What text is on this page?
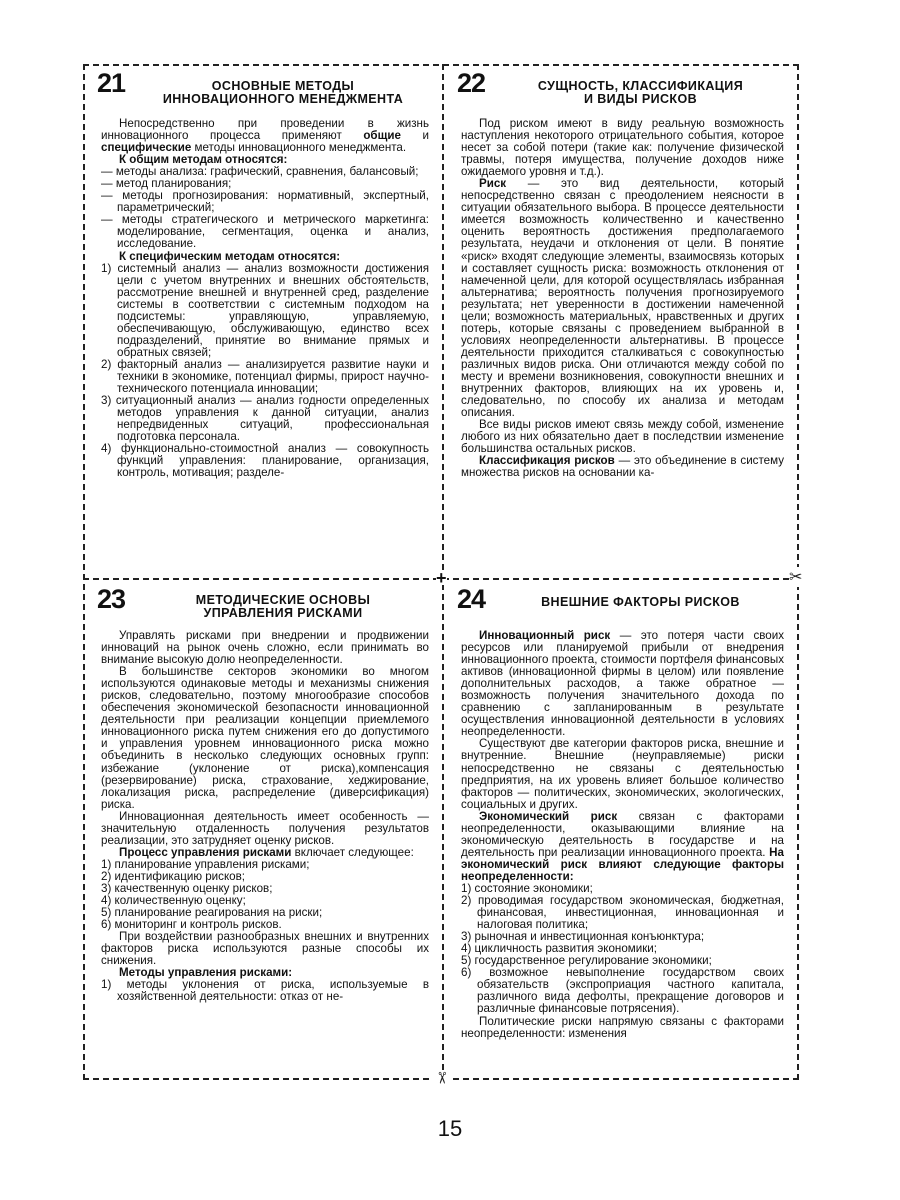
21	ОСНОВНЫЕ МЕТОДЫ
ИННОВАЦИОННОГО МЕНЕДЖМЕНТА

Непосредственно при проведении в жизнь инновационного процесса применяют общие и специфические методы инновационного менеджмента.

К общим методам относятся:

— методы анализа: графический, сравнения, балансовый;
— метод планирования;
— методы прогнозирования: нормативный, экспертный, параметрический;
— методы стратегического и метрического маркетинга: моделирование, сегментация, оценка и анализ, исследование.

К специфическим методам относятся:

1) системный анализ — анализ возможности достижения цели с учетом внутренних и внешних обстоятельств, рассмотрение внешней и внутренней сред, разделение системы в соответствии с системным подходом на подсистемы: управляющую, управляемую, обеспечивающую, обслуживающую, единство всех подразделений, принятие во внимание прямых и обратных связей;
2) факторный анализ — анализируется развитие науки и техники в экономике, потенциал фирмы, прирост научно-технического потенциала инновации;
3) ситуационный анализ — анализ годности определенных методов управления к данной ситуации, анализ непредвиденных ситуаций, профессиональная подготовка персонала.
4) функционально-стоимостной анализ — совокупность функций управления: планирование, организация, контроль, мотивация; разделе-
22	СУЩНОСТЬ, КЛАССИФИКАЦИЯ
И ВИДЫ РИСКОВ

Под риском имеют в виду реальную возможность наступления некоторого отрицательного события, которое несет за собой потери (такие как: получение физической травмы, потеря имущества, получение доходов ниже ожидаемого уровня и т.д.).

Риск — это вид деятельности, который непосредственно связан с преодолением неясности в ситуации обязательного выбора. В процессе деятельности имеется возможность количественно и качественно оценить вероятность достижения предполагаемого результата, неудачи и отклонения от цели. В понятие «риск» входят следующие элементы, взаимосвязь которых и составляет сущность риска: возможность отклонения от намеченной цели, для которой осуществлялась избранная альтернатива; вероятность получения прогнозируемого результата; нет уверенности в достижении намеченной цели; возможность материальных, нравственных и других потерь, которые связаны с проведением выбранной в условиях неопределенности альтернативы. В процессе деятельности приходится сталкиваться с совокупностью различных видов риска. Они отличаются между собой по месту и времени возникновения, совокупности внешних и внутренних факторов, влияющих на их уровень и, следовательно, по способу их анализа и методам описания.

Все виды рисков имеют связь между собой, изменение любого из них обязательно дает в последствии изменение большинства остальных рисков.

Классификация рисков — это объединение в систему множества рисков на основании ка-

23	МЕТОДИЧЕСКИЕ ОСНОВЫ
УПРАВЛЕНИЯ РИСКАМИ

Управлять рисками при внедрении и продвижении инноваций на рынок очень сложно, если принимать во внимание высокую долю неопределенности.

В большинстве секторов экономики во многом используются одинаковые методы и механизмы снижения рисков, следовательно, поэтому многообразие способов обеспечения экономической безопасности инновационной деятельности при реализации концепции приемлемого инновационного риска путем снижения его до допустимого и управления уровнем инновационного риска можно объединить в несколько следующих основных групп: избежание (уклонение от риска),компенсация (резервирование) риска, страхование, хеджирование, локализация риска, распределение (диверсификация) риска.

Инновационная деятельность имеет особенность — значительную отдаленность получения результатов реализации, это затрудняет оценку рисков.

Процесс управления рисками включает следующее:

1) планирование управления рисками;
2) идентификацию рисков;
3) качественную оценку рисков;
4) количественную оценку;
5) планирование реагирования на риски;
6) мониторинг и контроль рисков.

При воздействии разнообразных внешних и внутренних факторов риска используются разные способы их снижения.

Методы управления рисками:

1) методы уклонения от риска, используемые в хозяйственной деятельности: отказ от не-
24	ВНЕШНИЕ ФАКТОРЫ РИСКОВ

Инновационный риск — это потеря части своих ресурсов или планируемой прибыли от внедрения инновационного проекта, стоимости портфеля финансовых активов (инновационной фирмы в целом) или появление дополнительных расходов, а также обратное — возможность получения значительного дохода по сравнению с запланированным в результате осуществления инновационной деятельности в условиях неопределенности.

Существуют две категории факторов риска, внешние и внутренние. Внешние (неуправляемые) риски непосредственно не связаны с деятельностью предприятия, на их уровень влияет большое количество факторов — политических, экономических, экологических, социальных и других.

Экономический риск связан с факторами неопределенности, оказывающими влияние на экономическую деятельность в государстве и на деятельность при реализации инновационного проекта. На экономический риск влияют следующие факторы неопределенности:

1) состояние экономики;
2) проводимая государством экономическая, бюджетная, финансовая, инвестиционная, инновационная и налоговая политика;
3) рыночная и инвестиционная конъюнктура;
4) цикличность развития экономики;
5) государственное регулирование экономики;
6) возможное невыполнение государством своих обязательств (экспроприация частного капитала, различного вида дефолты, прекращение договоров и различные финансовые потрясения).

Политические риски напрямую связаны с факторами неопределенности: изменения

+	✂
✂
15
